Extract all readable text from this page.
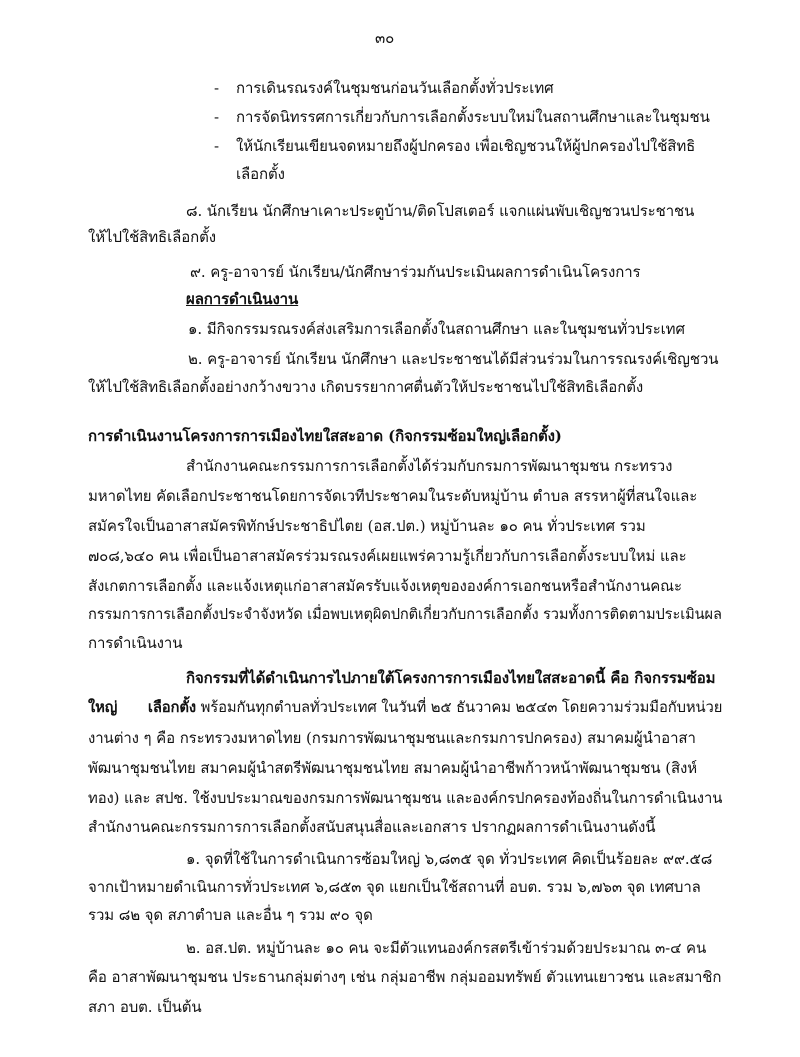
๓๐
- การเดินรณรงค์ในชุมชนก่อนวันเลือกตั้งทั่วประเทศ
- การจัดนิทรรศการเกี่ยวกับการเลือกตั้งระบบใหม่ในสถานศึกษาและในชุมชน
- ให้นักเรียนเขียนจดหมายถึงผู้ปกครอง เพื่อเชิญชวนให้ผู้ปกครองไปใช้สิทธิ
เลือกตั้ง
๘. นักเรียน นักศึกษาเคาะประตูบ้าน/ติดโปสเตอร์ แจกแผ่นพับเชิญชวนประชาชน
ให้ไปใช้สิทธิเลือกตั้ง
๙. ครู-อาจารย์ นักเรียน/นักศึกษาร่วมกันประเมินผลการดำเนินโครงการ
ผลการดำเนินงาน
๑. มีกิจกรรมรณรงค์ส่งเสริมการเลือกตั้งในสถานศึกษา และในชุมชนทั่วประเทศ
๒. ครู-อาจารย์ นักเรียน นักศึกษา และประชาชนได้มีส่วนร่วมในการรณรงค์เชิญชวน
ให้ไปใช้สิทธิเลือกตั้งอย่างกว้างขวาง เกิดบรรยากาศตื่นตัวให้ประชาชนไปใช้สิทธิเลือกตั้ง
การดำเนินงานโครงการการเมืองไทยใสสะอาด (กิจกรรมซ้อมใหญ่เลือกตั้ง)
สำนักงานคณะกรรมการการเลือกตั้งได้ร่วมกับกรมการพัฒนาชุมชน กระทรวง
มหาดไทย คัดเลือกประชาชนโดยการจัดเวทีประชาคมในระดับหมู่บ้าน ตำบล สรรหาผู้ที่สนใจและ
สมัครใจเป็นอาสาสมัครพิทักษ์ประชาธิปไตย (อส.ปต.) หมู่บ้านละ ๑๐ คน ทั่วประเทศ รวม
๗๐๘,๖๔๐ คน เพื่อเป็นอาสาสมัครร่วมรณรงค์เผยแพร่ความรู้เกี่ยวกับการเลือกตั้งระบบใหม่ และ
สังเกตการเลือกตั้ง และแจ้งเหตุแก่อาสาสมัครรับแจ้งเหตุขององค์การเอกชนหรือสำนักงานคณะ
กรรมการการเลือกตั้งประจำจังหวัด เมื่อพบเหตุผิดปกติเกี่ยวกับการเลือกตั้ง รวมทั้งการติดตามประเมินผล
การดำเนินงาน
กิจกรรมที่ได้ดำเนินการไปภายใต้โครงการการเมืองไทยใสสะอาดนี้ คือ กิจกรรมซ้อม
ใหญ่ เลือกตั้ง พร้อมกันทุกตำบลทั่วประเทศ ในวันที่ ๒๕ ธันวาคม ๒๕๔๓ โดยความร่วมมือกับหน่วย
งานต่าง ๆ คือ กระทรวงมหาดไทย (กรมการพัฒนาชุมชนและกรมการปกครอง) สมาคมผู้นำอาสา
พัฒนาชุมชนไทย สมาคมผู้นำสตรีพัฒนาชุมชนไทย สมาคมผู้นำอาชีพก้าวหน้าพัฒนาชุมชน (สิงห์
ทอง) และ สปช. ใช้งบประมาณของกรมการพัฒนาชุมชน และองค์กรปกครองท้องถิ่นในการดำเนินงาน
สำนักงานคณะกรรมการการเลือกตั้งสนับสนุนสื่อและเอกสาร ปรากฏผลการดำเนินงานดังนี้
๑. จุดที่ใช้ในการดำเนินการซ้อมใหญ่ ๖,๘๓๕ จุด ทั่วประเทศ คิดเป็นร้อยละ ๙๙.๕๘
จากเป้าหมายดำเนินการทั่วประเทศ ๖,๘๕๓ จุด แยกเป็นใช้สถานที่ อบต. รวม ๖,๗๖๓ จุด เทศบาล
รวม ๘๒ จุด สภาตำบล และอื่น ๆ รวม ๙๐ จุด
๒. อส.ปต. หมู่บ้านละ ๑๐ คน จะมีตัวแทนองค์กรสตรีเข้าร่วมด้วยประมาณ ๓-๔ คน
คือ อาสาพัฒนาชุมชน ประธานกลุ่มต่างๆ เช่น กลุ่มอาชีพ กลุ่มออมทรัพย์ ตัวแทนเยาวชน และสมาชิก
สภา อบต. เป็นต้น
